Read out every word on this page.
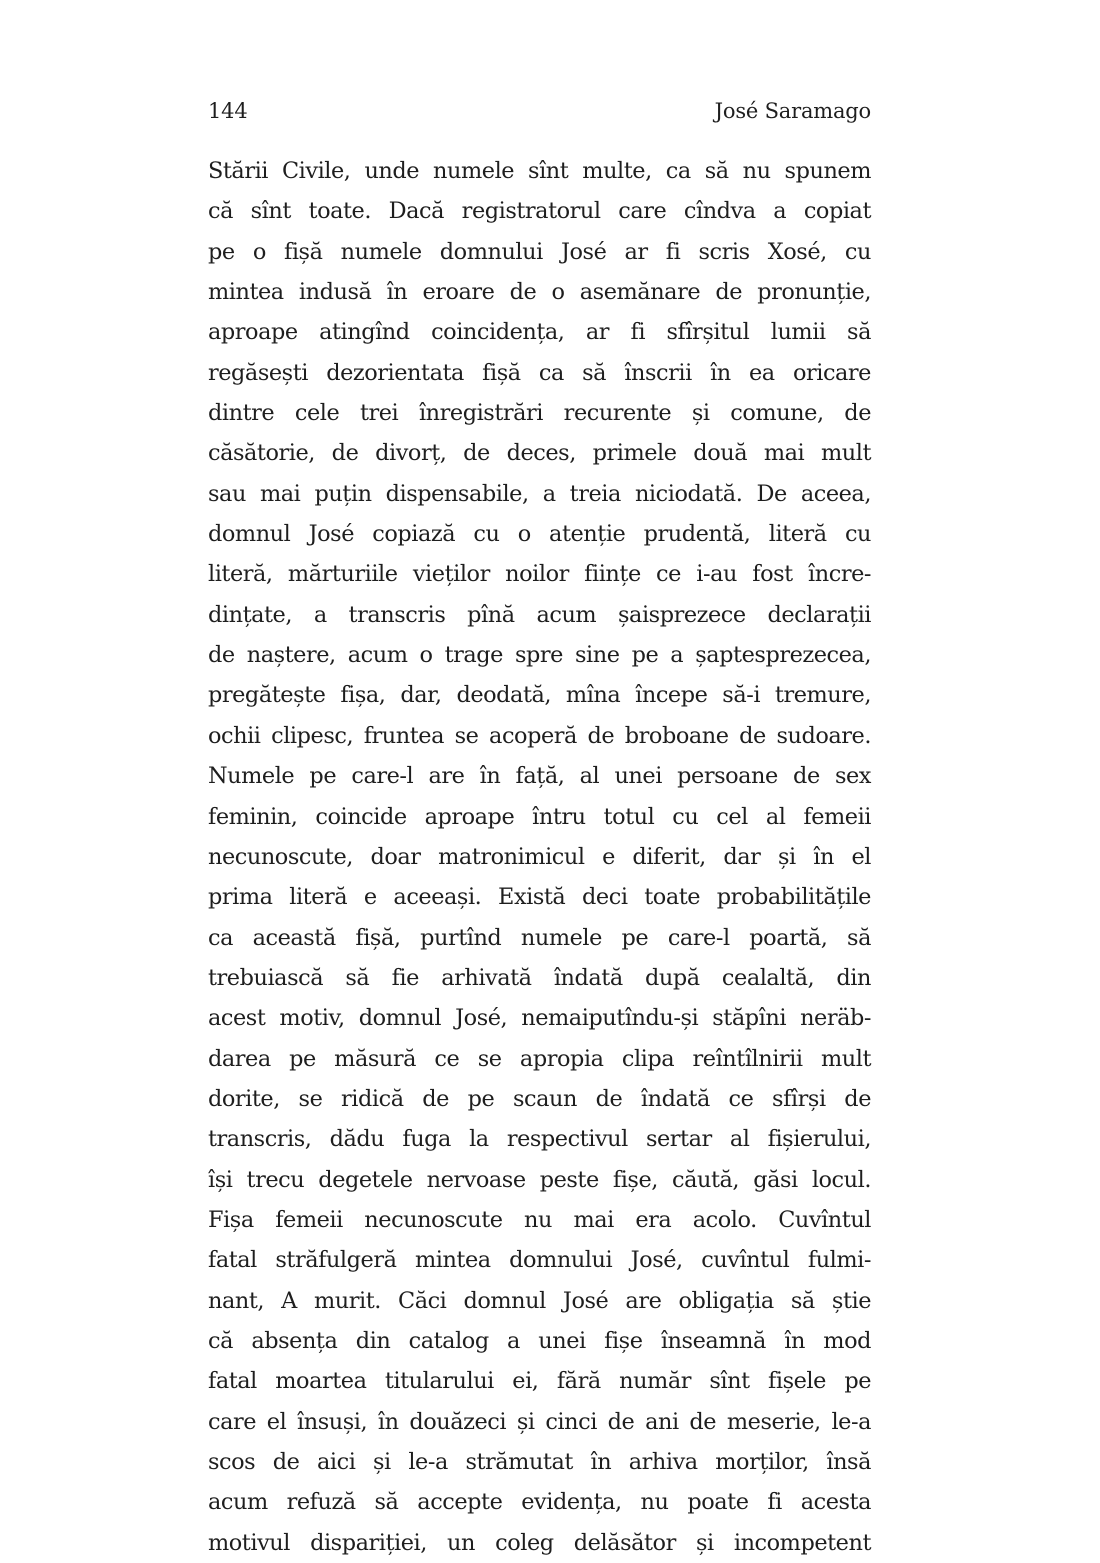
144	José Saramago
Stării Civile, unde numele sînt multe, ca să nu spunem
că sînt toate. Dacă registratorul care cîndva a copiat
pe o fișă numele domnului José ar fi scris Xosé, cu
mintea indusă în eroare de o asemănare de pronunție,
aproape atingînd coincidența, ar fi sfîrșitul lumii să
regăsești dezorientata fișă ca să înscrii în ea oricare
dintre cele trei înregistrări recurente și comune, de
căsătorie, de divorț, de deces, primele două mai mult
sau mai puțin dispensabile, a treia niciodată. De aceea,
domnul José copiază cu o atenție prudentă, literă cu
literă, mărturiile vieților noilor ființe ce i-au fost încre-
dințate, a transcris pînă acum șaisprezece declarații
de naștere, acum o trage spre sine pe a șaptesprezecea,
pregătește fișa, dar, deodată, mîna începe să-i tremure,
ochii clipesc, fruntea se acoperă de broboane de sudoare.
Numele pe care-l are în față, al unei persoane de sex
feminin, coincide aproape întru totul cu cel al femeii
necunoscute, doar matronimicul e diferit, dar și în el
prima literă e aceeași. Există deci toate probabilitățile
ca această fișă, purtînd numele pe care-l poartă, să
trebuiască să fie arhivată îndată după cealaltă, din
acest motiv, domnul José, nemaiputîndu-și stăpîni neräb-
darea pe măsură ce se apropia clipa reîntîlnirii mult
dorite, se ridică de pe scaun de îndată ce sfîrși de
transcris, dădu fuga la respectivul sertar al fișierului,
își trecu degetele nervoase peste fișe, căută, găsi locul.
Fișa femeii necunoscute nu mai era acolo. Cuvîntul
fatal străfulgeră mintea domnului José, cuvîntul fulmi-
nant, A murit. Căci domnul José are obligația să știe
că absența din catalog a unei fișe înseamnă în mod
fatal moartea titularului ei, fără număr sînt fișele pe
care el însuși, în douăzeci și cinci de ani de meserie, le-a
scos de aici și le-a strămutat în arhiva morților, însă
acum refuză să accepte evidența, nu poate fi acesta
motivul dispariției, un coleg delăsător și incompetent
